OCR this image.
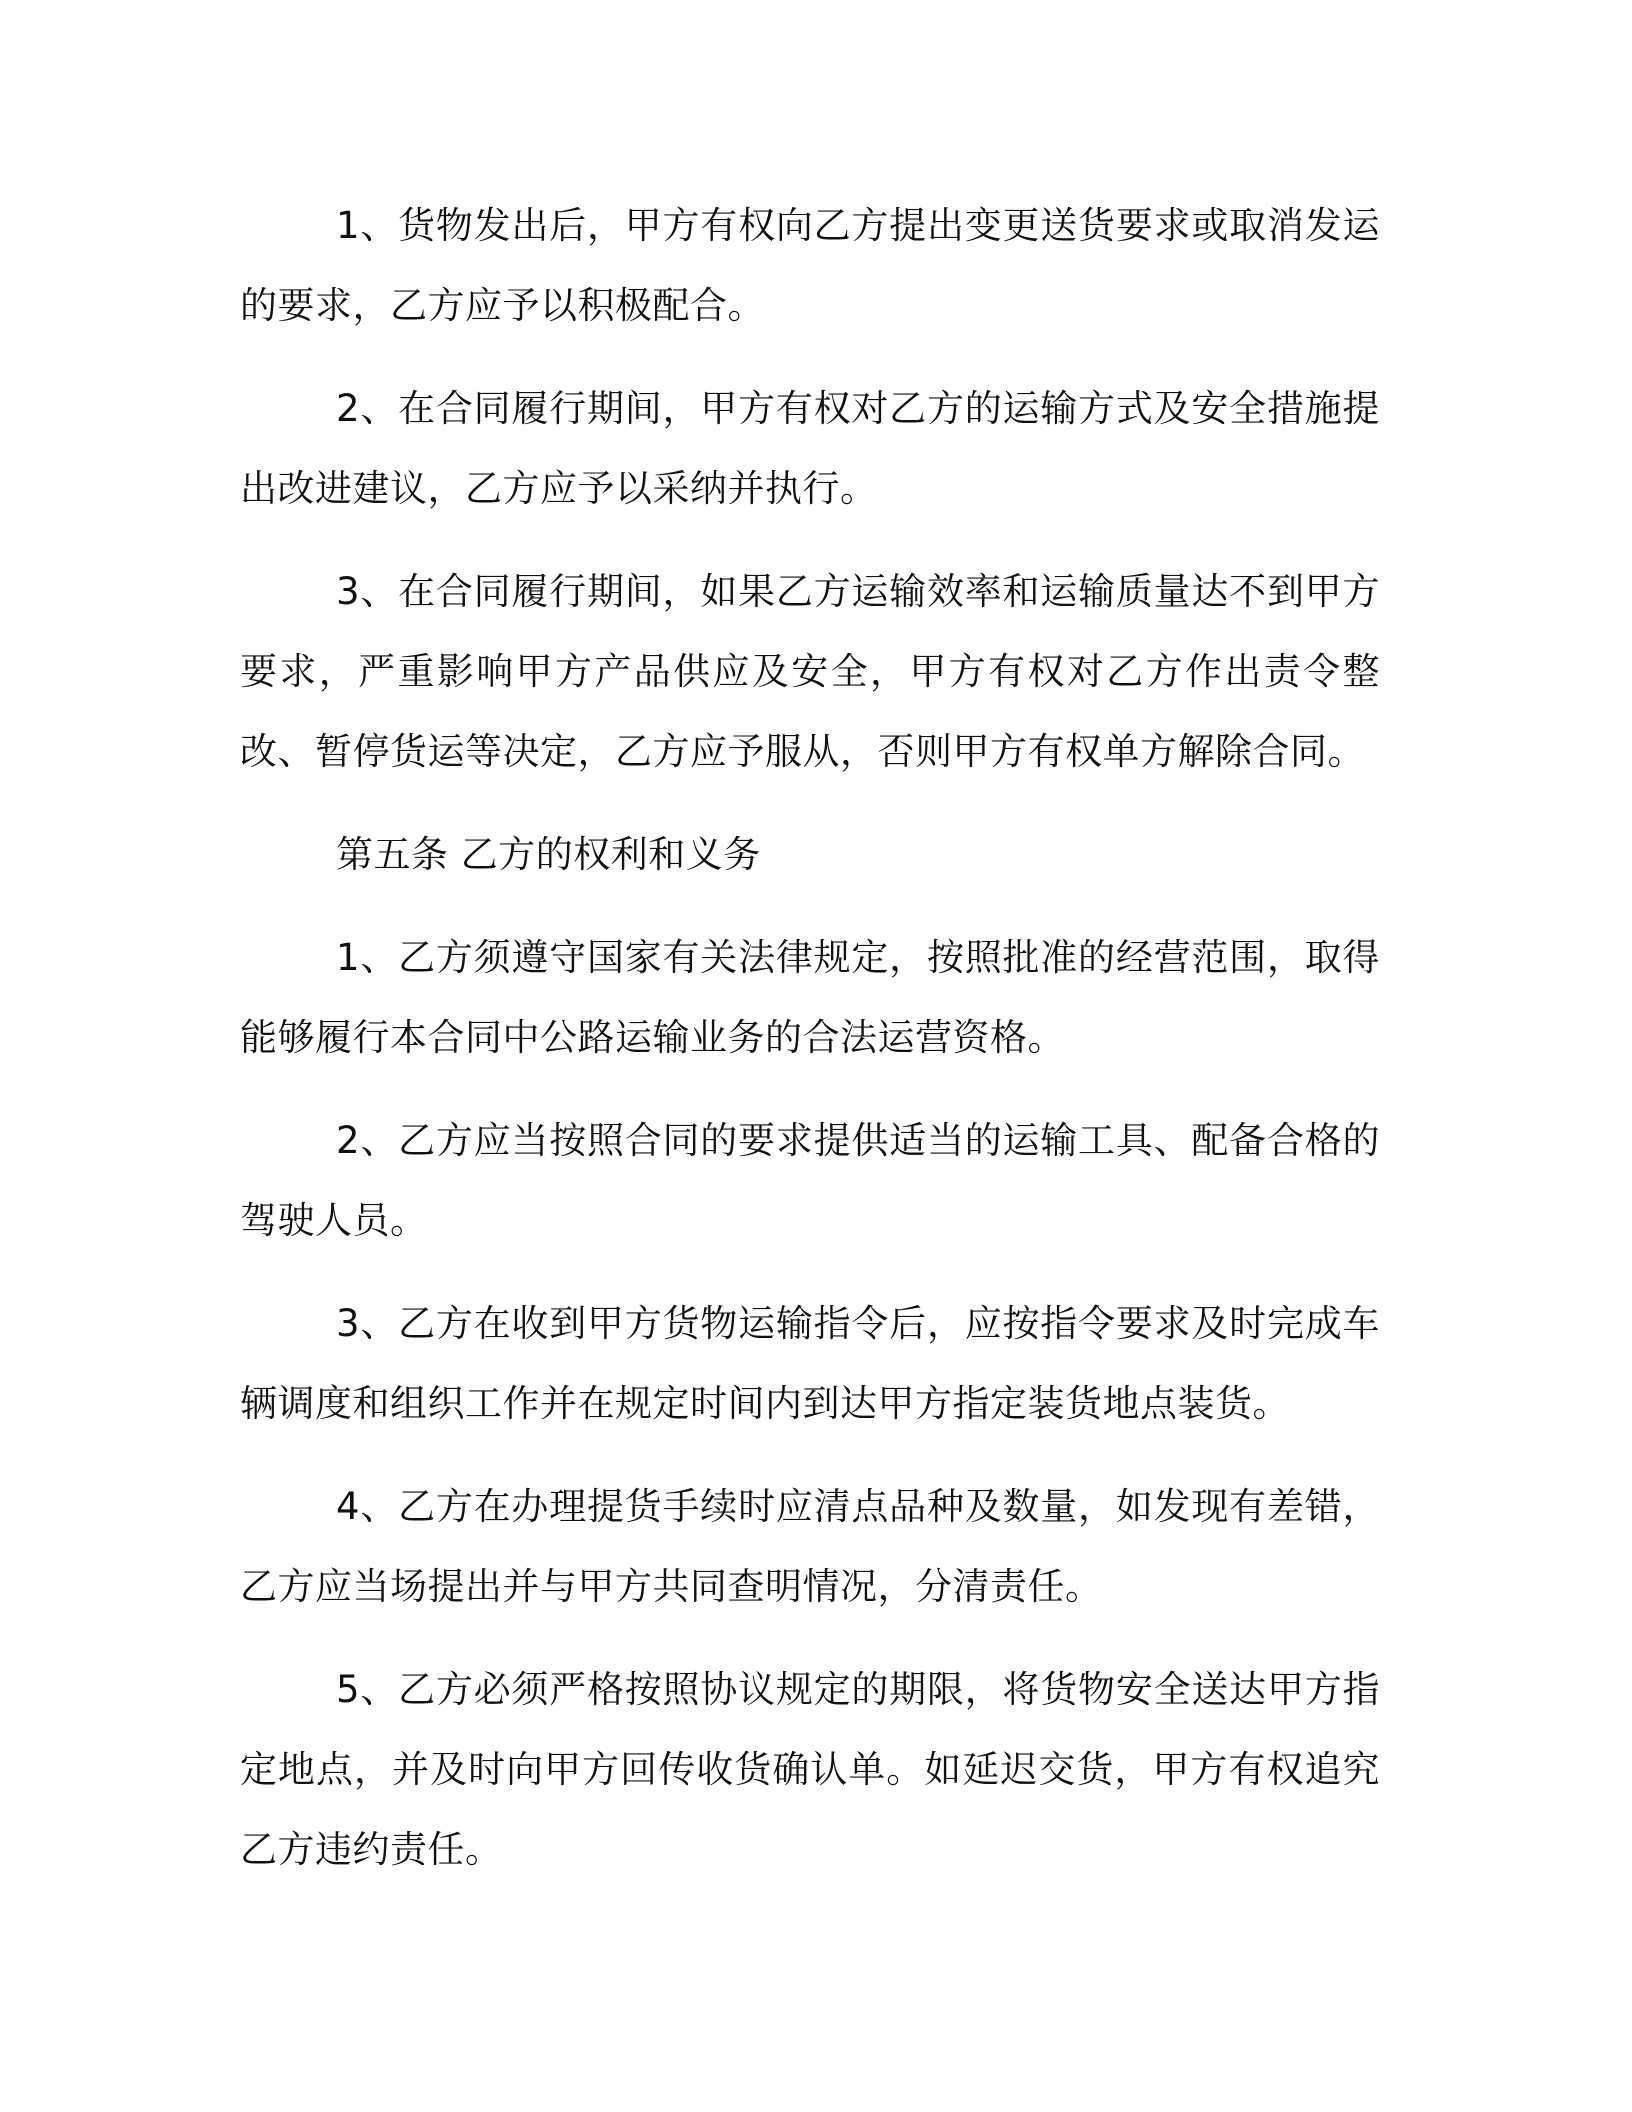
1、货物发出后，甲方有权向乙方提出变更送货要求或取消发运的要求，乙方应予以积极配合。

2、在合同履行期间，甲方有权对乙方的运输方式及安全措施提出改进建议，乙方应予以采纳并执行。

3、在合同履行期间，如果乙方运输效率和运输质量达不到甲方要求，严重影响甲方产品供应及安全，甲方有权对乙方作出责令整改、暂停货运等决定，乙方应予服从，否则甲方有权单方解除合同。

第五条 乙方的权利和义务

1、乙方须遵守国家有关法律规定，按照批准的经营范围，取得能够履行本合同中公路运输业务的合法运营资格。

2、乙方应当按照合同的要求提供适当的运输工具、配备合格的驾驶人员。

3、乙方在收到甲方货物运输指令后，应按指令要求及时完成车辆调度和组织工作并在规定时间内到达甲方指定装货地点装货。

4、乙方在办理提货手续时应清点品种及数量，如发现有差错，乙方应当场提出并与甲方共同查明情况，分清责任。

5、乙方必须严格按照协议规定的期限，将货物安全送达甲方指定地点，并及时向甲方回传收货确认单。如延迟交货，甲方有权追究乙方违约责任。
